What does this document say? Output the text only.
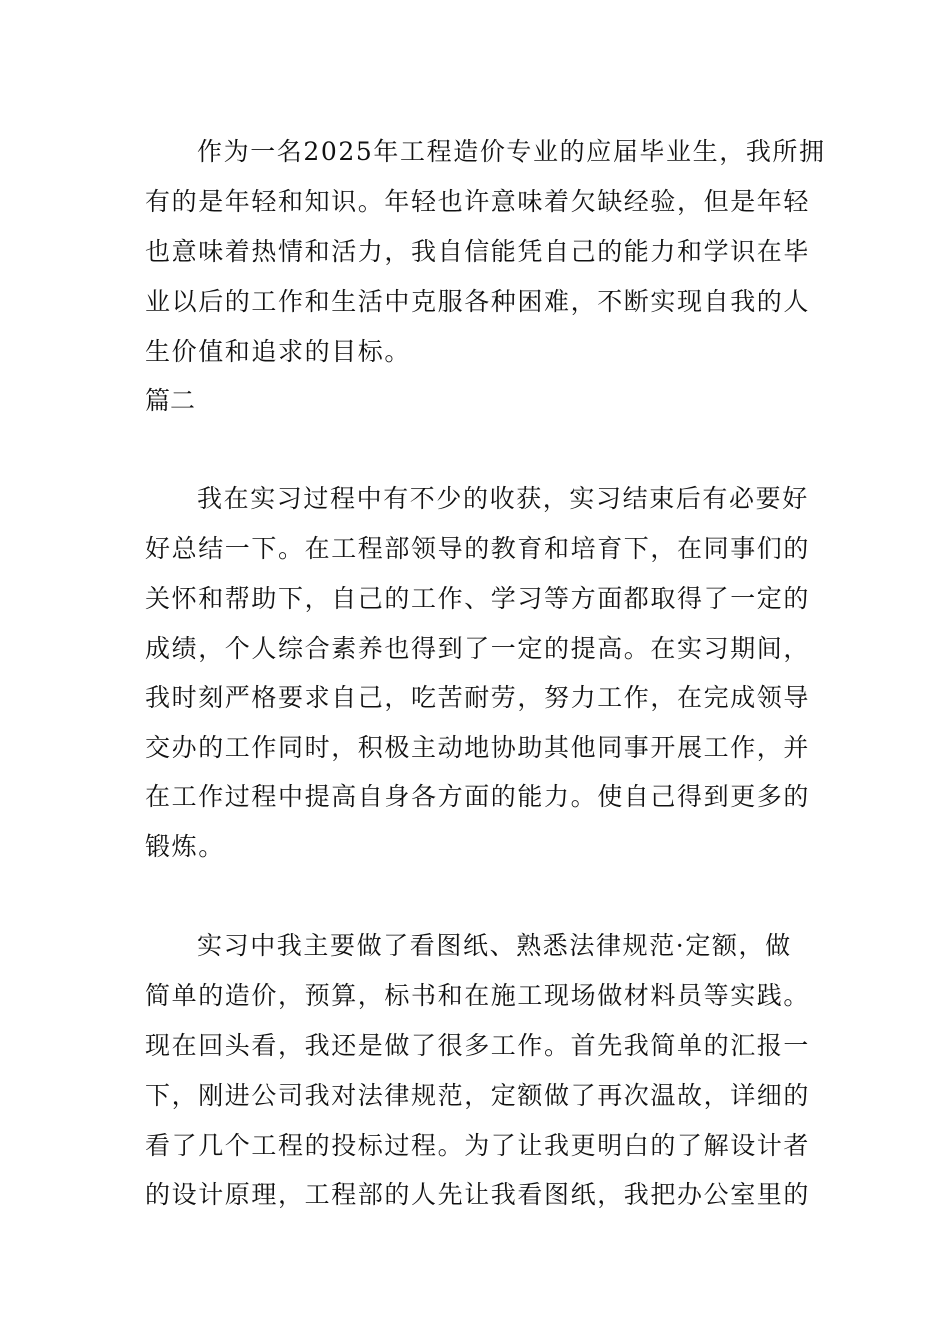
作为一名2025年工程造价专业的应届毕业生，我所拥
有的是年轻和知识。年轻也许意味着欠缺经验，但是年轻
也意味着热情和活力，我自信能凭自己的能力和学识在毕
业以后的工作和生活中克服各种困难，不断实现自我的人
生价值和追求的目标。
篇二
我在实习过程中有不少的收获，实习结束后有必要好
好总结一下。在工程部领导的教育和培育下，在同事们的
关怀和帮助下，自己的工作、学习等方面都取得了一定的
成绩，个人综合素养也得到了一定的提高。在实习期间，
我时刻严格要求自己，吃苦耐劳，努力工作，在完成领导
交办的工作同时，积极主动地协助其他同事开展工作，并
在工作过程中提高自身各方面的能力。使自己得到更多的
锻炼。
实习中我主要做了看图纸、熟悉法律规范·定额，做
简单的造价，预算，标书和在施工现场做材料员等实践。
现在回头看，我还是做了很多工作。首先我简单的汇报一
下，刚进公司我对法律规范，定额做了再次温故，详细的
看了几个工程的投标过程。为了让我更明白的了解设计者
的设计原理，工程部的人先让我看图纸，我把办公室里的
